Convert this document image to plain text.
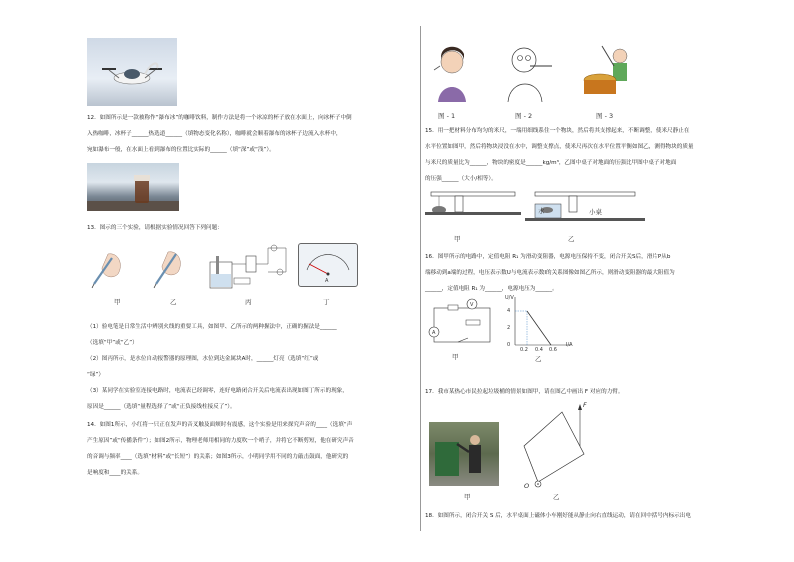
12．如图所示是一款被称作“瀑布冰”的咖啡饮料，制作方法是将一个冰凉的杯子放在水面上，向冰杯子中倒
入热咖啡，冰杯子______热选道______（填物态变化名称），咖啡就会顺着瀑布的冰杯子边流入水杯中，
宛如瀑布一般，在水面上看到瀑布的位置比实际的______（填“深”或“浅”）。
13．图示的三个实验，请根据实验情况回答下列问题：
A
甲	乙	丙	丁
（1）验电笔是日常生活中辨别火线的重要工具，如图甲、乙所示的两种握法中，正确的握法是______
（选填“甲”或“乙”）
（2）图丙所示，是水位自动报警器的原理图，水位到达金属块A时，______灯亮（选填“红”或
“绿”）
（3）某同学在实验室连接电路时，电流表已经调零，连好电路闭合开关后电流表出现如图丁所示的现象，
原因是______（选填“量程选择了”或“正负接线柱接反了”）。
14．如图1所示，小红将一只正在发声的音叉触及面颊时有震感，这个实验是用来探究声音的____（选填“声
产生原因”或“传播条件”）；如图2所示，物理老师用相同的力度吹一个哨子，并将它不断剪短，他在研究声音
的音调与频率____（选填“材料”或“长短”）的关系；如图3所示，小明同学用不同的力敲击鼓面，他研究的
是响度和____的关系。
图 - 1	图 - 2	图 - 3
15．用一把材料分布均匀的米尺，一端用细线系住一个物块，然后将其支撑起来，不断调整，使米尺静止在
水平位置如图甲，然后将物块浸没在水中，调整支撑点，使米尺再次在水平位置平衡如图乙，测得物块的质量
与米尺的质量比为______，物块的密度是______kg/m³，乙图中桌子对地面的压强比甲图中桌子对地面
的压强______（大小/相等）。
甲	乙
水	小桌
16．图甲所示的电路中，定值电阻 R₁ 为滑动变阻器，电源电压保持不变，闭合开关S后，滑片P从b
端移动到a端的过程，电压表示数U与电流表示数I的关系图像如图乙所示，则滑动变阻器的最大阻值为
______，定值电阻 R₁ 为______，电源电压为______。
A
V
甲
U/V
I/A
4
2
0
0.2 0.4 0.6
乙
17．我市某热心市民拉起垃圾桶的情景如图甲，请在图乙中画出 F 对应的力臂。
甲
F
O
乙
18．如图所示，闭合开关 S 后，水平桌面上磁体小车刚好能从静止向右直线运动，请在回中括号内标示出电
